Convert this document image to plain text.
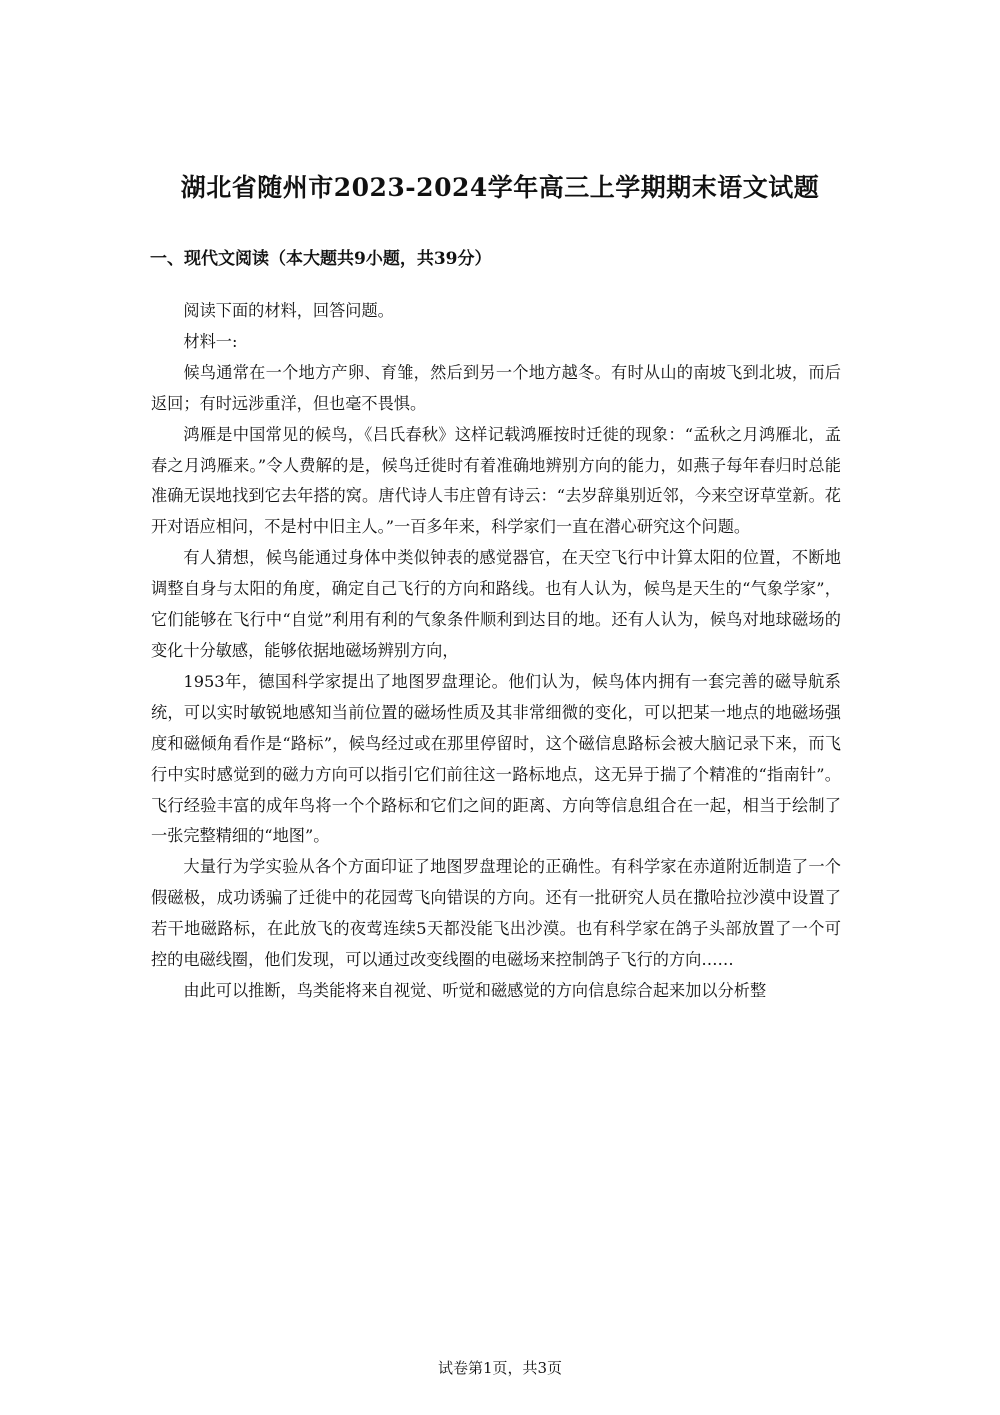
湖北省随州市2023-2024学年高三上学期期末语文试题
一、现代文阅读（本大题共9小题，共39分）

阅读下面的材料，回答问题。

材料一:

候鸟通常在一个地方产卵、育雏，然后到另一个地方越冬。有时从山的南坡飞到北坡，而后返回；有时远涉重洋，但也毫不畏惧。

鸿雁是中国常见的候鸟，《吕氏春秋》这样记载鸿雁按时迁徙的现象：“孟秋之月鸿雁北，孟春之月鸿雁来。”令人费解的是，候鸟迁徙时有着准确地辨别方向的能力，如燕子每年春归时总能准确无误地找到它去年搭的窝。唐代诗人韦庄曾有诗云：“去岁辞巢别近邻，今来空讶草堂新。花开对语应相问，不是村中旧主人。”一百多年来，科学家们一直在潜心研究这个问题。

有人猜想，候鸟能通过身体中类似钟表的感觉器官，在天空飞行中计算太阳的位置，不断地调整自身与太阳的角度，确定自己飞行的方向和路线。也有人认为，候鸟是天生的“气象学家”，它们能够在飞行中“自觉”利用有利的气象条件顺利到达目的地。还有人认为，候鸟对地球磁场的变化十分敏感，能够依据地磁场辨别方向，

1953年，德国科学家提出了地图罗盘理论。他们认为，候鸟体内拥有一套完善的磁导航系统，可以实时敏锐地感知当前位置的磁场性质及其非常细微的变化，可以把某一地点的地磁场强度和磁倾角看作是“路标”，候鸟经过或在那里停留时，这个磁信息路标会被大脑记录下来，而飞行中实时感觉到的磁力方向可以指引它们前往这一路标地点，这无异于揣了个精准的“指南针”。飞行经验丰富的成年鸟将一个个路标和它们之间的距离、方向等信息组合在一起，相当于绘制了一张完整精细的“地图”。

大量行为学实验从各个方面印证了地图罗盘理论的正确性。有科学家在赤道附近制造了一个假磁极，成功诱骗了迁徙中的花园莺飞向错误的方向。还有一批研究人员在撒哈拉沙漠中设置了若干地磁路标，在此放飞的夜莺连续5天都没能飞出沙漠。也有科学家在鸽子头部放置了一个可控的电磁线圈，他们发现，可以通过改变线圈的电磁场来控制鸽子飞行的方向……

由此可以推断，鸟类能将来自视觉、听觉和磁感觉的方向信息综合起来加以分析整

试卷第1页，共3页
